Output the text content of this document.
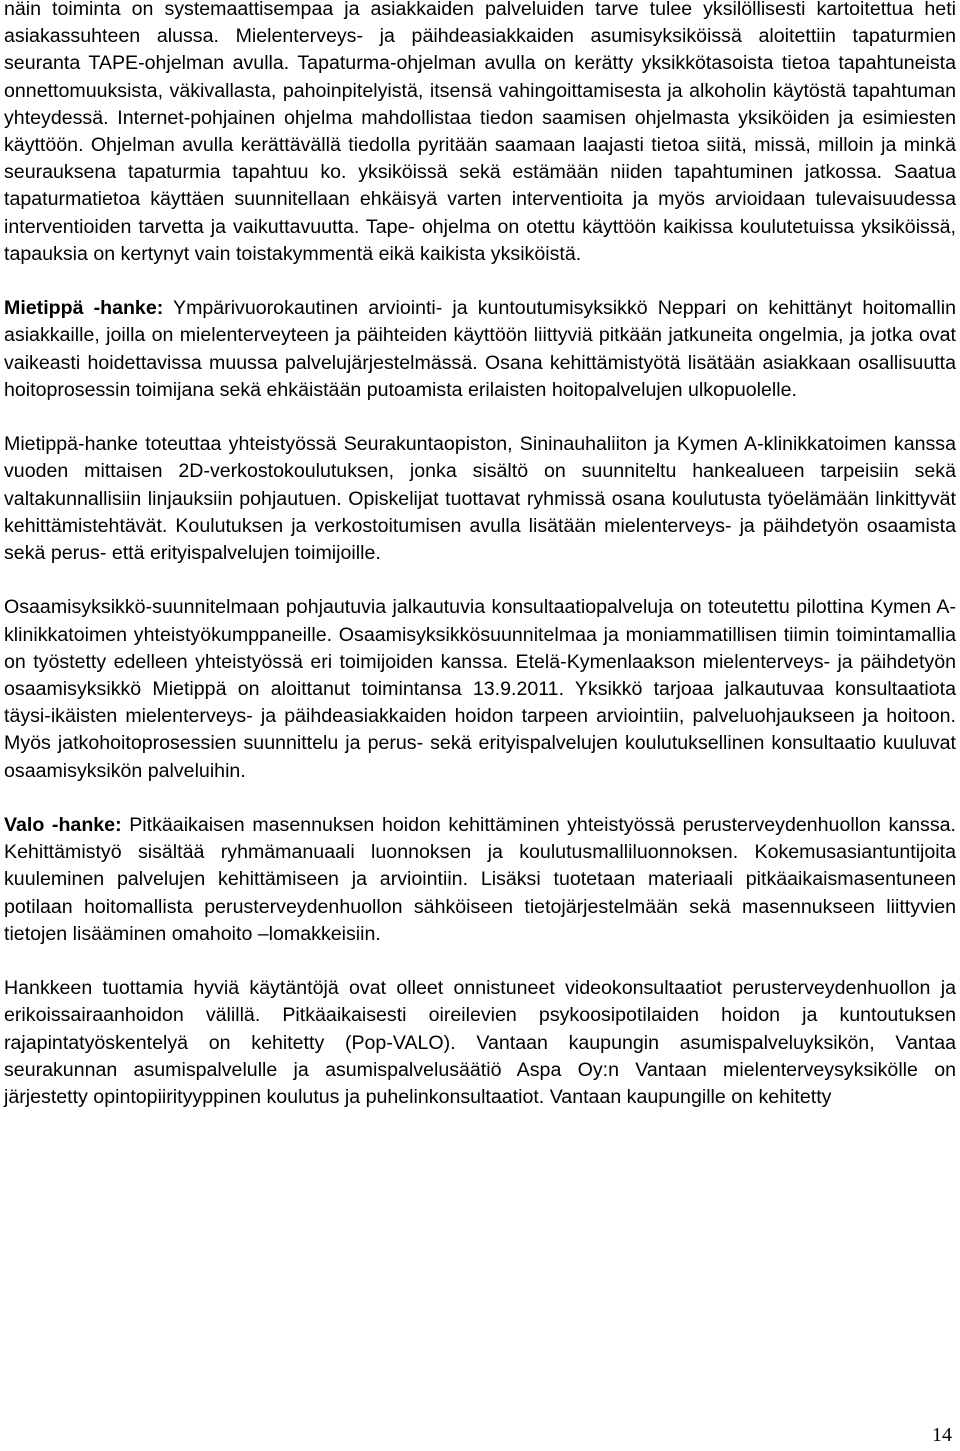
näin toiminta on systemaattisempaa ja asiakkaiden palveluiden tarve tulee yksilöllisesti kartoitettua heti asiakassuhteen alussa. Mielenterveys- ja päihdeasiakkaiden asumisyksiköissä aloitettiin tapaturmien seuranta TAPE-ohjelman avulla. Tapaturma-ohjelman avulla on kerätty yksikkötasoista tietoa tapahtuneista onnettomuuksista, väkivallasta, pahoinpitelyistä, itsensä vahingoittamisesta ja alkoholin käytöstä tapahtuman yhteydessä. Internet-pohjainen ohjelma mahdollistaa tiedon saamisen ohjelmasta yksiköiden ja esimiesten käyttöön. Ohjelman avulla kerättävällä tiedolla pyritään saamaan laajasti tietoa siitä, missä, milloin ja minkä seurauksena tapaturmia tapahtuu ko. yksiköissä sekä estämään niiden tapahtuminen jatkossa. Saatua tapaturmatietoa käyttäen suunnitellaan ehkäisyä varten interventioita ja myös arvioidaan tulevaisuudessa interventioiden tarvetta ja vaikuttavuutta. Tape- ohjelma on otettu käyttöön kaikissa koulutetuissa yksiköissä, tapauksia on kertynyt vain toistakymmentä eikä kaikista yksiköistä.

Mietippä -hanke: Ympärivuorokautinen arviointi- ja kuntoutumisyksikkö Neppari on kehittänyt hoitomallin asiakkaille, joilla on mielenterveyteen ja päihteiden käyttöön liittyviä pitkään jatkuneita ongelmia, ja jotka ovat vaikeasti hoidettavissa muussa palvelujärjestelmässä. Osana kehittämistyötä lisätään asiakkaan osallisuutta hoitoprosessin toimijana sekä ehkäistään putoamista erilaisten hoitopalvelujen ulkopuolelle.

Mietippä-hanke toteuttaa yhteistyössä Seurakuntaopiston, Sininauhaliiton ja Kymen A-klinikkatoimen kanssa vuoden mittaisen 2D-verkostokoulutuksen, jonka sisältö on suunniteltu hankealueen tarpeisiin sekä valtakunnallisiin linjauksiin pohjautuen. Opiskelijat tuottavat ryhmissä osana koulutusta työelämään linkittyvät kehittämistehtävät. Koulutuksen ja verkostoitumisen avulla lisätään mielenterveys- ja päihdetyön osaamista sekä perus- että erityispalvelujen toimijoille.

Osaamisyksikkö-suunnitelmaan pohjautuvia jalkautuvia konsultaatiopalveluja on toteutettu pilottina Kymen A-klinikkatoimen yhteistyökumppaneille. Osaamisyksikkösuunnitelmaa ja moniammatillisen tiimin toimintamallia on työstetty edelleen yhteistyössä eri toimijoiden kanssa. Etelä-Kymenlaakson mielenterveys- ja päihdetyön osaamisyksikkö Mietippä on aloittanut toimintansa 13.9.2011. Yksikkö tarjoaa jalkautuvaa konsultaatiota täysi-ikäisten mielenterveys- ja päihdeasiakkaiden hoidon tarpeen arviointiin, palveluohjaukseen ja hoitoon. Myös jatkohoitoprosessien suunnittelu ja perus- sekä erityispalvelujen koulutuksellinen konsultaatio kuuluvat osaamisyksikön palveluihin.

Valo -hanke: Pitkäaikaisen masennuksen hoidon kehittäminen yhteistyössä perusterveydenhuollon kanssa. Kehittämistyö sisältää ryhmämanuaali luonnoksen ja koulutusmalliluonnoksen. Kokemusasiantuntijoita kuuleminen palvelujen kehittämiseen ja arviointiin. Lisäksi tuotetaan materiaali pitkäaikaismasentuneen potilaan hoitomallista perusterveydenhuollon sähköiseen tietojärjestelmään sekä masennukseen liittyvien tietojen lisääminen omahoito –lomakkeisiin.

Hankkeen tuottamia hyviä käytäntöjä ovat olleet onnistuneet videokonsultaatiot perusterveydenhuollon ja erikoissairaanhoidon välillä. Pitkäaikaisesti oireilevien psykoosipotilaiden hoidon ja kuntoutuksen rajapintatyöskentelyä on kehitetty (Pop-VALO). Vantaan kaupungin asumispalveluyksikön, Vantaa seurakunnan asumispalvelulle ja asumispalvelusäätiö Aspa Oy:n Vantaan mielenterveysyksikölle on järjestetty opintopiirityyppinen koulutus ja puhelinkonsultaatiot. Vantaan kaupungille on kehitetty

14
